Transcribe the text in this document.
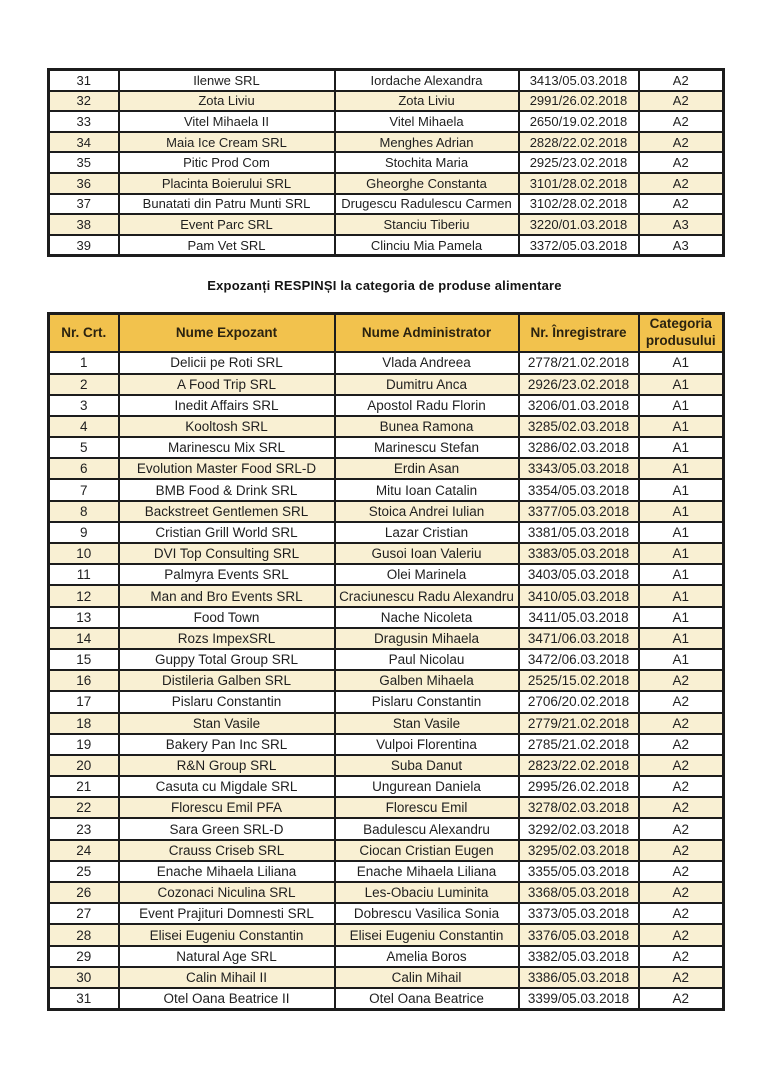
31	Ilenwe SRL	Iordache Alexandra	3413/05.03.2018	A2
32	Zota Liviu	Zota Liviu	2991/26.02.2018	A2
33	Vitel Mihaela II	Vitel Mihaela	2650/19.02.2018	A2
34	Maia Ice Cream SRL	Menghes Adrian	2828/22.02.2018	A2
35	Pitic Prod Com	Stochita Maria	2925/23.02.2018	A2
36	Placinta Boierului SRL	Gheorghe Constanta	3101/28.02.2018	A2
37	Bunatati din Patru Munti SRL	Drugescu Radulescu Carmen	3102/28.02.2018	A2
38	Event Parc SRL	Stanciu Tiberiu	3220/01.03.2018	A3
39	Pam Vet SRL	Clinciu Mia Pamela	3372/05.03.2018	A3
Expozanți RESPINȘI la categoria de produse alimentare
Nr. Crt.	Nume Expozant	Nume Administrator	Nr. Înregistrare	Categoria produsului
1	Delicii pe Roti SRL	Vlada Andreea	2778/21.02.2018	A1
2	A Food Trip SRL	Dumitru Anca	2926/23.02.2018	A1
3	Inedit Affairs SRL	Apostol Radu Florin	3206/01.03.2018	A1
4	Kooltosh SRL	Bunea Ramona	3285/02.03.2018	A1
5	Marinescu Mix SRL	Marinescu Stefan	3286/02.03.2018	A1
6	Evolution Master Food SRL-D	Erdin Asan	3343/05.03.2018	A1
7	BMB Food & Drink SRL	Mitu Ioan Catalin	3354/05.03.2018	A1
8	Backstreet Gentlemen SRL	Stoica Andrei Iulian	3377/05.03.2018	A1
9	Cristian Grill World SRL	Lazar Cristian	3381/05.03.2018	A1
10	DVI Top Consulting SRL	Gusoi Ioan Valeriu	3383/05.03.2018	A1
11	Palmyra Events SRL	Olei Marinela	3403/05.03.2018	A1
12	Man and Bro Events SRL	Craciunescu Radu Alexandru	3410/05.03.2018	A1
13	Food Town	Nache Nicoleta	3411/05.03.2018	A1
14	Rozs ImpexSRL	Dragusin Mihaela	3471/06.03.2018	A1
15	Guppy Total Group SRL	Paul Nicolau	3472/06.03.2018	A1
16	Distileria Galben SRL	Galben Mihaela	2525/15.02.2018	A2
17	Pislaru Constantin	Pislaru Constantin	2706/20.02.2018	A2
18	Stan Vasile	Stan Vasile	2779/21.02.2018	A2
19	Bakery Pan Inc SRL	Vulpoi Florentina	2785/21.02.2018	A2
20	R&N Group SRL	Suba Danut	2823/22.02.2018	A2
21	Casuta cu Migdale SRL	Ungurean Daniela	2995/26.02.2018	A2
22	Florescu Emil PFA	Florescu Emil	3278/02.03.2018	A2
23	Sara Green SRL-D	Badulescu Alexandru	3292/02.03.2018	A2
24	Crauss Criseb SRL	Ciocan Cristian Eugen	3295/02.03.2018	A2
25	Enache Mihaela Liliana	Enache Mihaela Liliana	3355/05.03.2018	A2
26	Cozonaci Niculina SRL	Les-Obaciu Luminita	3368/05.03.2018	A2
27	Event Prajituri Domnesti SRL	Dobrescu Vasilica Sonia	3373/05.03.2018	A2
28	Elisei Eugeniu Constantin	Elisei Eugeniu Constantin	3376/05.03.2018	A2
29	Natural Age SRL	Amelia Boros	3382/05.03.2018	A2
30	Calin Mihail II	Calin Mihail	3386/05.03.2018	A2
31	Otel Oana Beatrice II	Otel Oana Beatrice	3399/05.03.2018	A2
